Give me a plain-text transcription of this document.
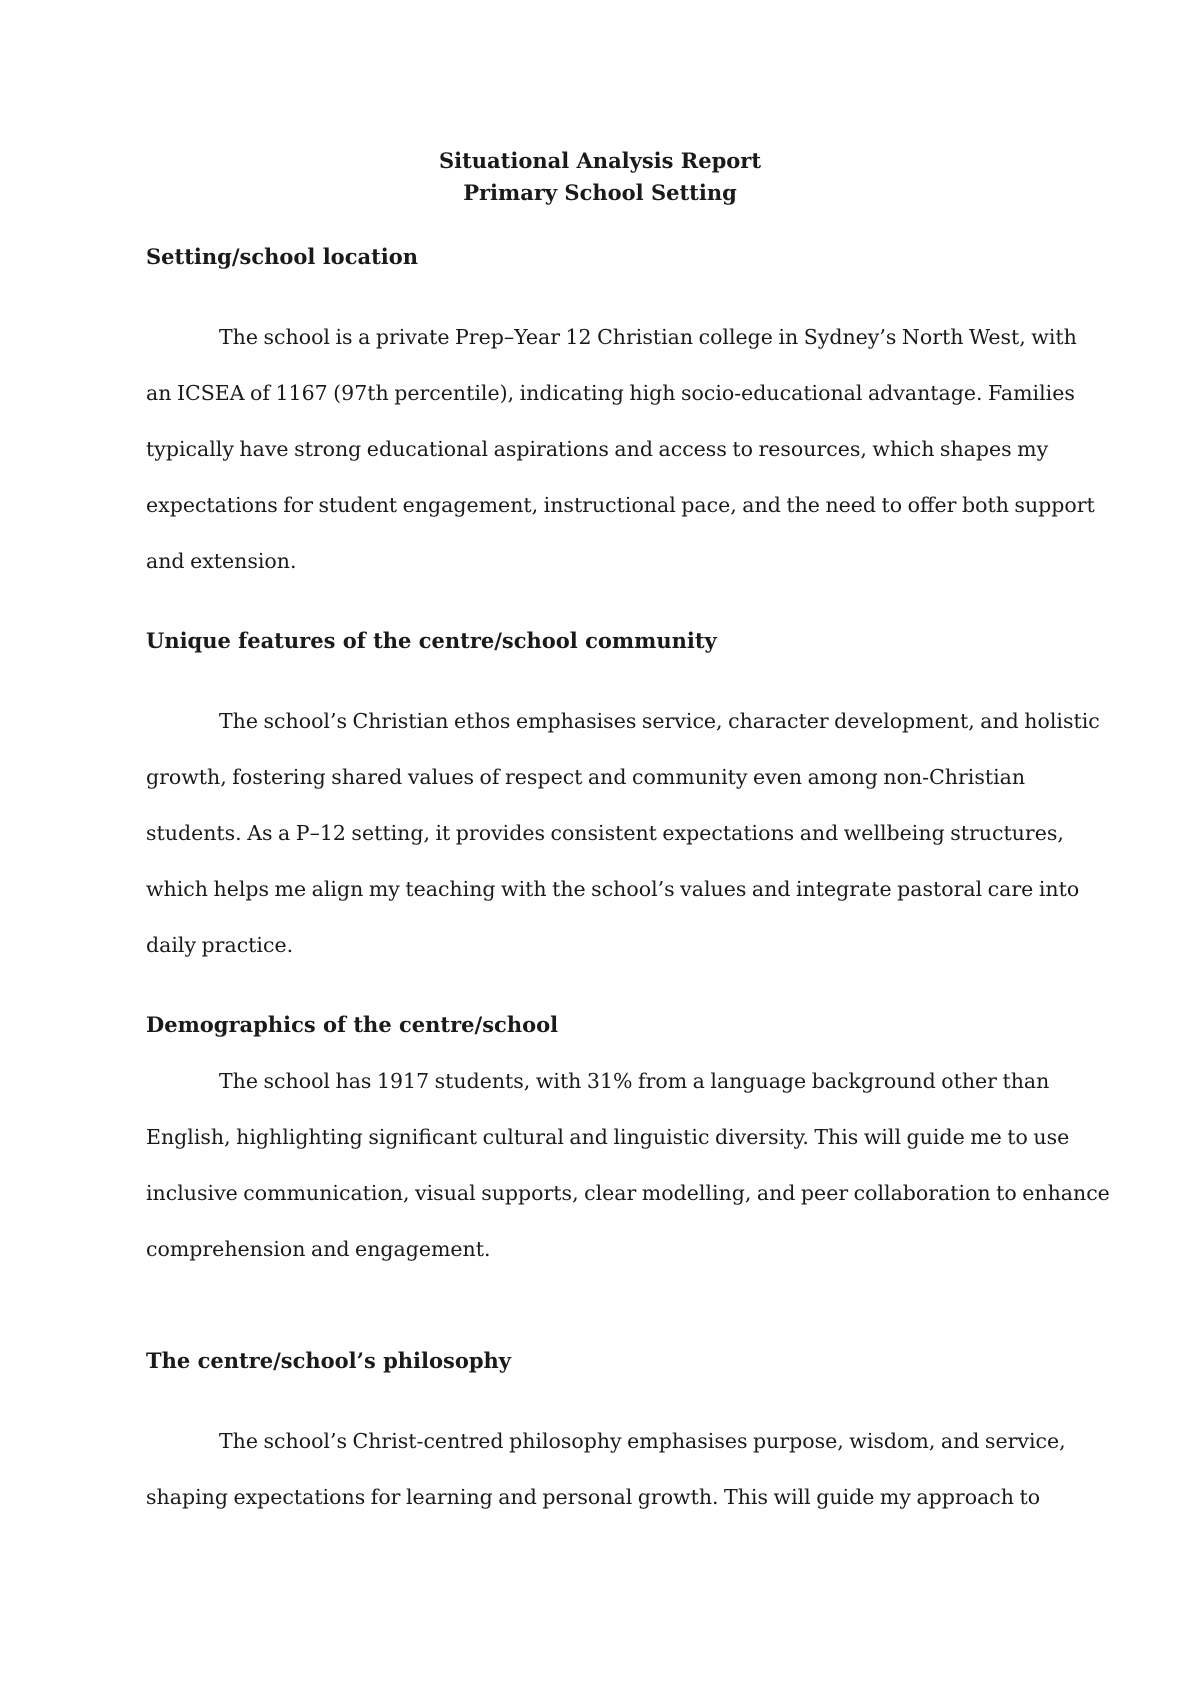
Situational Analysis Report
Primary School Setting
Setting/school location
The school is a private Prep–Year 12 Christian college in Sydney’s North West, with
an ICSEA of 1167 (97th percentile), indicating high socio-educational advantage. Families
typically have strong educational aspirations and access to resources, which shapes my
expectations for student engagement, instructional pace, and the need to offer both support
and extension.
Unique features of the centre/school community
The school’s Christian ethos emphasises service, character development, and holistic
growth, fostering shared values of respect and community even among non-Christian
students. As a P–12 setting, it provides consistent expectations and wellbeing structures,
which helps me align my teaching with the school’s values and integrate pastoral care into
daily practice.
Demographics of the centre/school
The school has 1917 students, with 31% from a language background other than
English, highlighting significant cultural and linguistic diversity. This will guide me to use
inclusive communication, visual supports, clear modelling, and peer collaboration to enhance
comprehension and engagement.
The centre/school’s philosophy
The school’s Christ-centred philosophy emphasises purpose, wisdom, and service,
shaping expectations for learning and personal growth. This will guide my approach to
